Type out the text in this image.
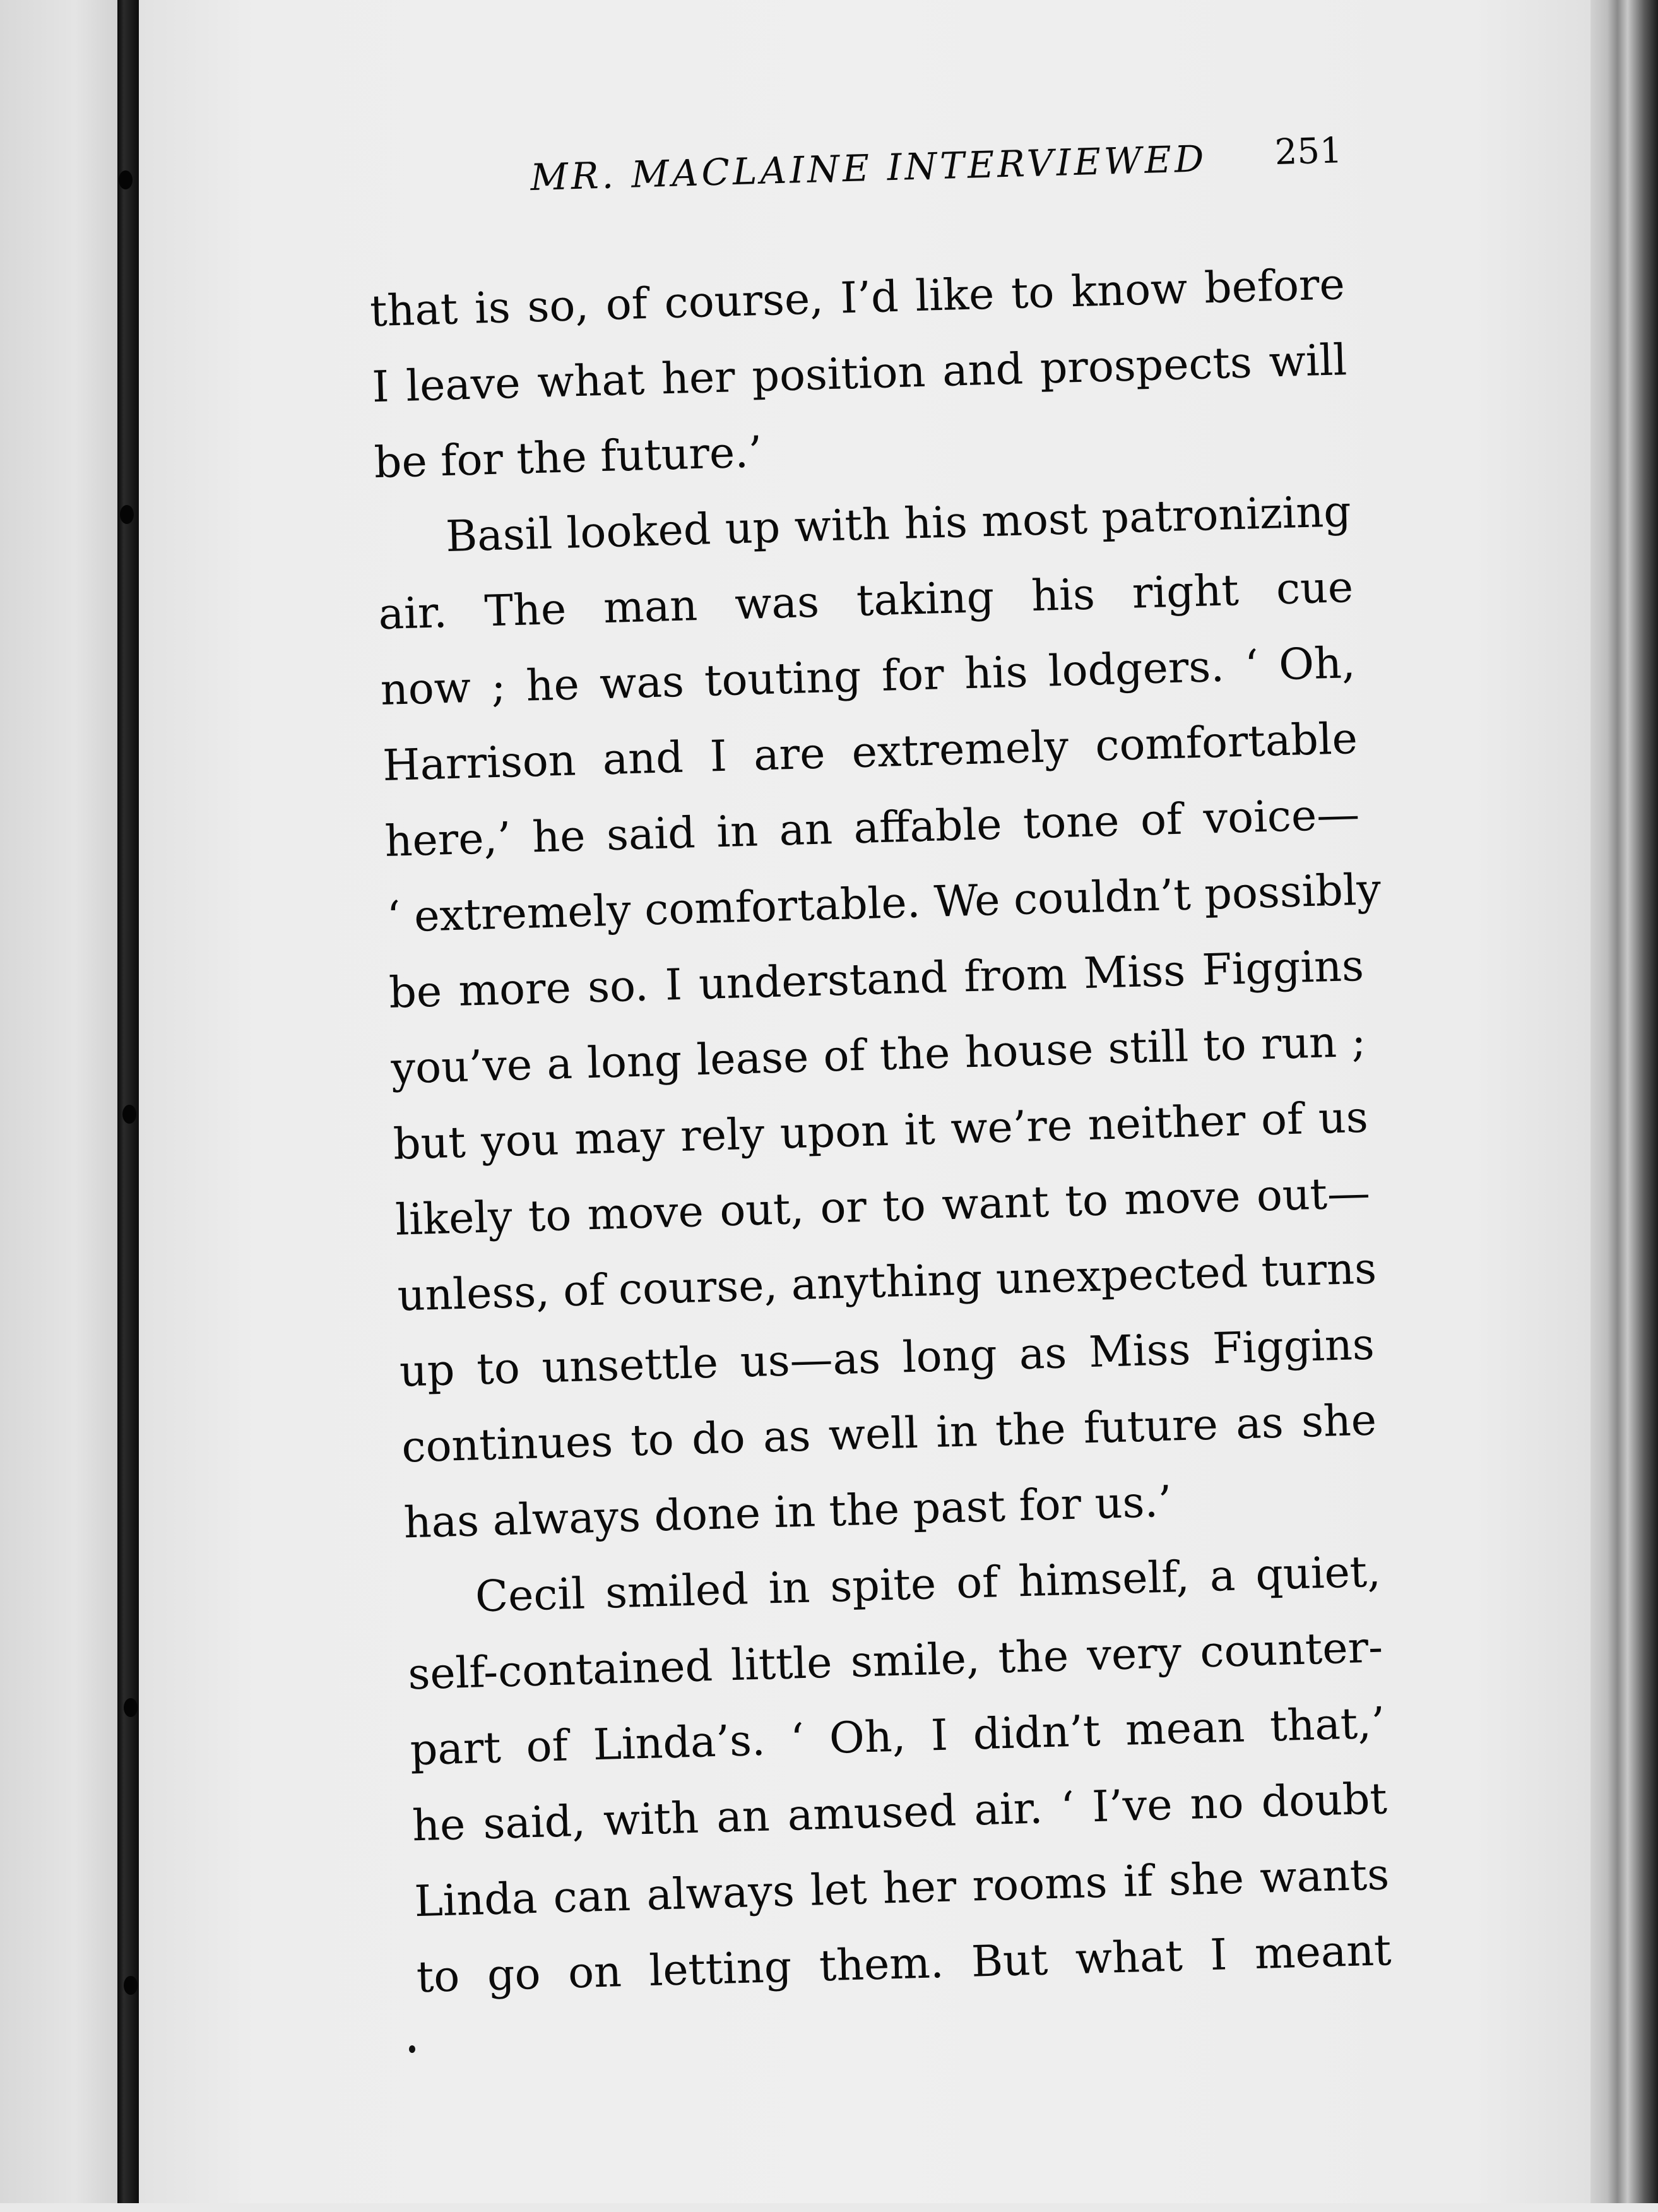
MR. MACLAINE INTERVIEWED 251
that is so, of course, I’d like to know before
I leave what her position and prospects will
be for the future.’
Basil looked up with his most patronizing
air. The man was taking his right cue
now ; he was touting for his lodgers. ‘ Oh,
Harrison and I are extremely comfortable
here,’ he said in an affable tone of voice—
‘ extremely comfortable. We couldn’t possibly
be more so. I understand from Miss Figgins
you’ve a long lease of the house still to run ;
but you may rely upon it we’re neither of us
likely to move out, or to want to move out—
unless, of course, anything unexpected turns
up to unsettle us—as long as Miss Figgins
continues to do as well in the future as she
has always done in the past for us.’
Cecil smiled in spite of himself, a quiet,
self-contained little smile, the very counter-
part of Linda’s. ‘ Oh, I didn’t mean that,’
he said, with an amused air. ‘ I’ve no doubt
Linda can always let her rooms if she wants
to go on letting them. But what I meant
